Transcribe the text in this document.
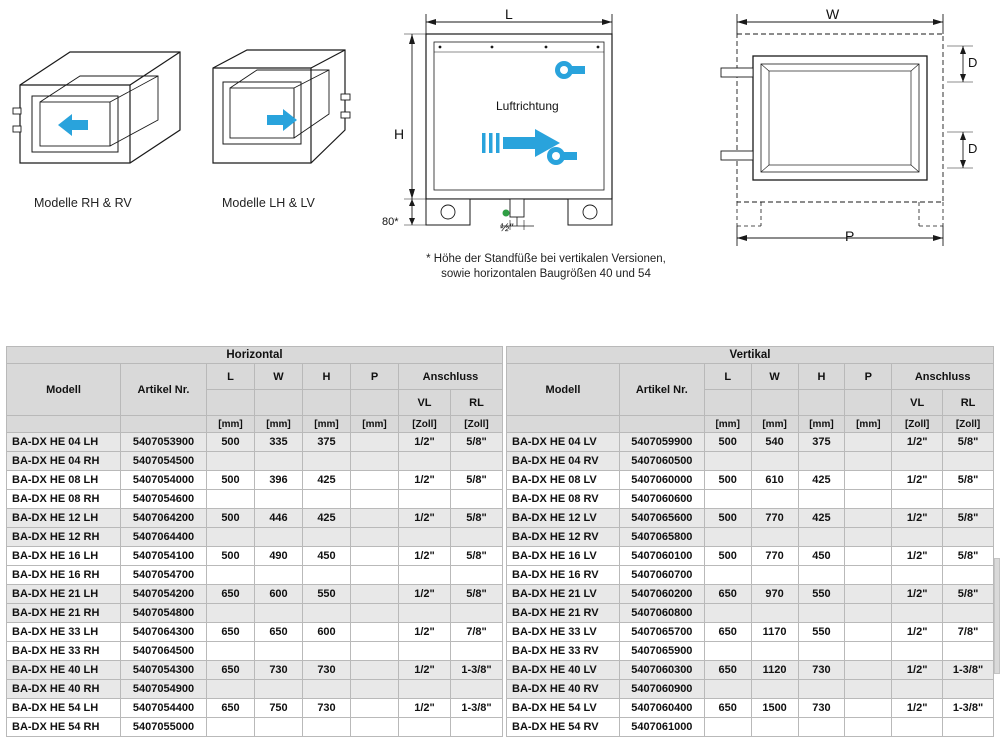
Modelle RH & RV	Modelle LH & LV
L
H
80*
Luftrichtung
½"
* Höhe der Standfüße bei vertikalen Versionen,
sowie horizontalen Baugrößen 40 und 54
W
D
D
P
Horizontal							
Modell	Artikel Nr.	L	W	H	P	Anschluss	
						VL	RL
		[mm]	[mm]	[mm]	[mm]	[Zoll]	[Zoll]
BA-DX HE 04 LH	5407053900	500	335	375		1/2"	5/8"
BA-DX HE 04 RH	5407054500						
BA-DX HE 08 LH	5407054000	500	396	425		1/2"	5/8"
BA-DX HE 08 RH	5407054600						
BA-DX HE 12 LH	5407064200	500	446	425		1/2"	5/8"
BA-DX HE 12 RH	5407064400						
BA-DX HE 16 LH	5407054100	500	490	450		1/2"	5/8"
BA-DX HE 16 RH	5407054700						
BA-DX HE 21 LH	5407054200	650	600	550		1/2"	5/8"
BA-DX HE 21 RH	5407054800						
BA-DX HE 33 LH	5407064300	650	650	600		1/2"	7/8"
BA-DX HE 33 RH	5407064500						
BA-DX HE 40 LH	5407054300	650	730	730		1/2"	1-3/8"
BA-DX HE 40 RH	5407054900						
BA-DX HE 54 LH	5407054400	650	750	730		1/2"	1-3/8"
BA-DX HE 54 RH	5407055000						
Vertikal							
Modell	Artikel Nr.	L	W	H	P	Anschluss	
						VL	RL
		[mm]	[mm]	[mm]	[mm]	[Zoll]	[Zoll]
BA-DX HE 04 LV	5407059900	500	540	375		1/2"	5/8"
BA-DX HE 04 RV	5407060500						
BA-DX HE 08 LV	5407060000	500	610	425		1/2"	5/8"
BA-DX HE 08 RV	5407060600						
BA-DX HE 12 LV	5407065600	500	770	425		1/2"	5/8"
BA-DX HE 12 RV	5407065800						
BA-DX HE 16 LV	5407060100	500	770	450		1/2"	5/8"
BA-DX HE 16 RV	5407060700						
BA-DX HE 21 LV	5407060200	650	970	550		1/2"	5/8"
BA-DX HE 21 RV	5407060800						
BA-DX HE 33 LV	5407065700	650	1170	550		1/2"	7/8"
BA-DX HE 33 RV	5407065900						
BA-DX HE 40 LV	5407060300	650	1120	730		1/2"	1-3/8"
BA-DX HE 40 RV	5407060900						
BA-DX HE 54 LV	5407060400	650	1500	730		1/2"	1-3/8"
BA-DX HE 54 RV	5407061000						
